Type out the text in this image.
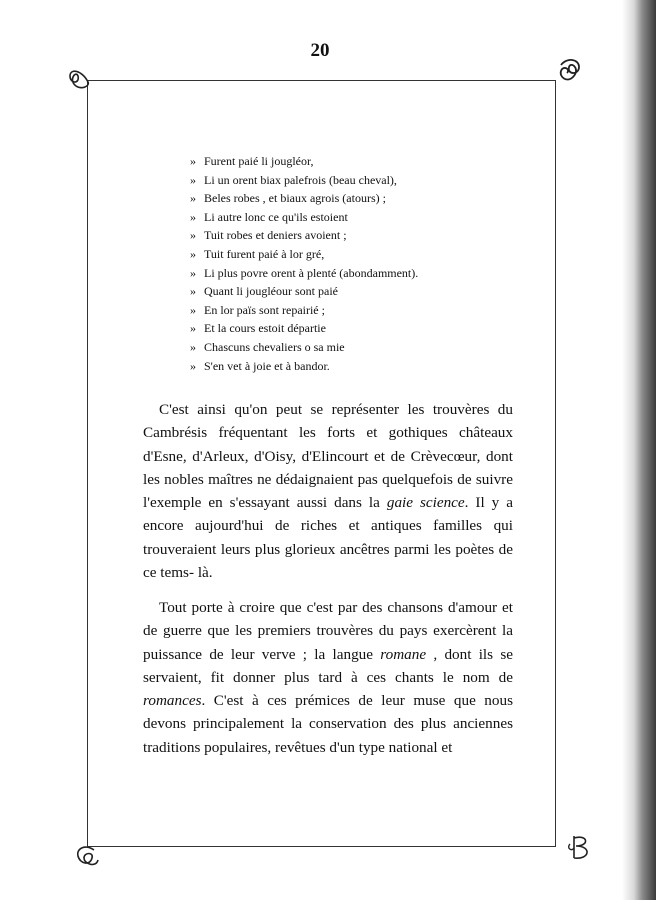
20
» Furent paié li jougléor,
» Li un orent biax palefrois (beau cheval),
» Beles robes , et biaux agrois (atours) ;
» Li autre lonc ce qu'ils estoient
» Tuit robes et deniers avoient ;
» Tuit furent paié à lor gré,
» Li plus povre orent à plenté (abondamment).
» Quant li jougléour sont paié
» En lor païs sont repairié ;
» Et la cours estoit départie
» Chascuns chevaliers o sa mie
» S'en vet à joie et à bandor.

C'est ainsi qu'on peut se représenter les trouvères du Cambrésis fréquentant les forts et gothiques châteaux d'Esne, d'Arleux, d'Oisy, d'Elincourt et de Crèvecœur, dont les nobles maîtres ne dédaignaient pas quelquefois de suivre l'exemple en s'essayant aussi dans la gaie science. Il y a encore aujourd'hui de riches et antiques familles qui trouveraient leurs plus glorieux ancêtres parmi les poètes de ce tems- là.

Tout porte à croire que c'est par des chansons d'amour et de guerre que les premiers trouvères du pays exercèrent la puissance de leur verve ; la langue romane , dont ils se servaient, fit donner plus tard à ces chants le nom de romances. C'est à ces prémices de leur muse que nous devons principalement la conservation des plus anciennes traditions populaires, revêtues d'un type national et
